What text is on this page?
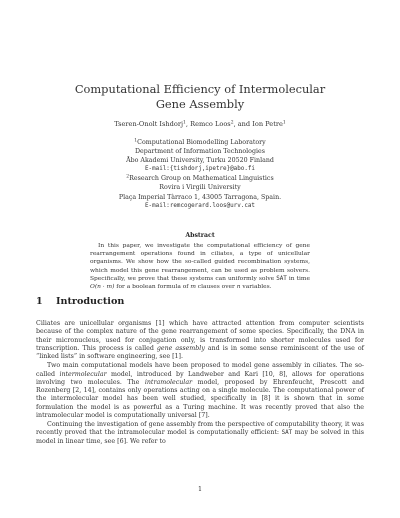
Computational Efficiency of Intermolecular
Gene Assembly
Tseren-Onolt Ishdorj$^1$, Remco Loos$^2$, and Ion Petre$^1$
$^1$Computational Biomodelling Laboratory
Department of Information Technologies
Åbo Akademi University, Turku 20520 Finland
E-mail:{tishdorj,ipetre}@abo.fi
$^2$Research Group on Mathematical Linguistics
Rovira i Virgili University
Plaça Imperial Tàrraco 1, 43005 Tarragona, Spain.
E-mail:remcogerard.loos@urv.cat
Abstract
In this paper, we investigate the computational efficiency of gene rearrangement operations found in ciliates, a type of unicellular organisms. We show how the so-called guided recombination systems, which model this gene rearrangement, can be used as problem solvers. Specifically, we prove that these systems can uniformly solve SAT in time O(n · m) for a boolean formula of m clauses over n variables.
1 Introduction

Ciliates are unicellular organisms [1] which have attracted attention from computer scientists because of the complex nature of the gene rearrangement of some species. Specifically, the DNA in their micronucleus, used for conjugation only, is transformed into shorter molecules used for transcription. This process is called gene assembly and is in some sense reminiscent of the use of “linked lists” in software engineering, see [1].

Two main computational models have been proposed to model gene assembly in ciliates. The so-called intermolecular model, introduced by Landweber and Kari [10, 8], allows for operations involving two molecules. The intramolecular model, proposed by Ehrenfeucht, Prescott and Rozenberg [2, 14], contains only operations acting on a single molecule. The computational power of the intermolecular model has been well studied, specifically in [8] it is shown that in some formulation the model is as powerful as a Turing machine. It was recently proved that also the intramolecular model is computationally universal [7].

Continuing the investigation of gene assembly from the perspective of computability theory, it was recently proved that the intramolecular model is computationally efficient: SAT may be solved in this model in linear time, see [6]. We refer to

1
